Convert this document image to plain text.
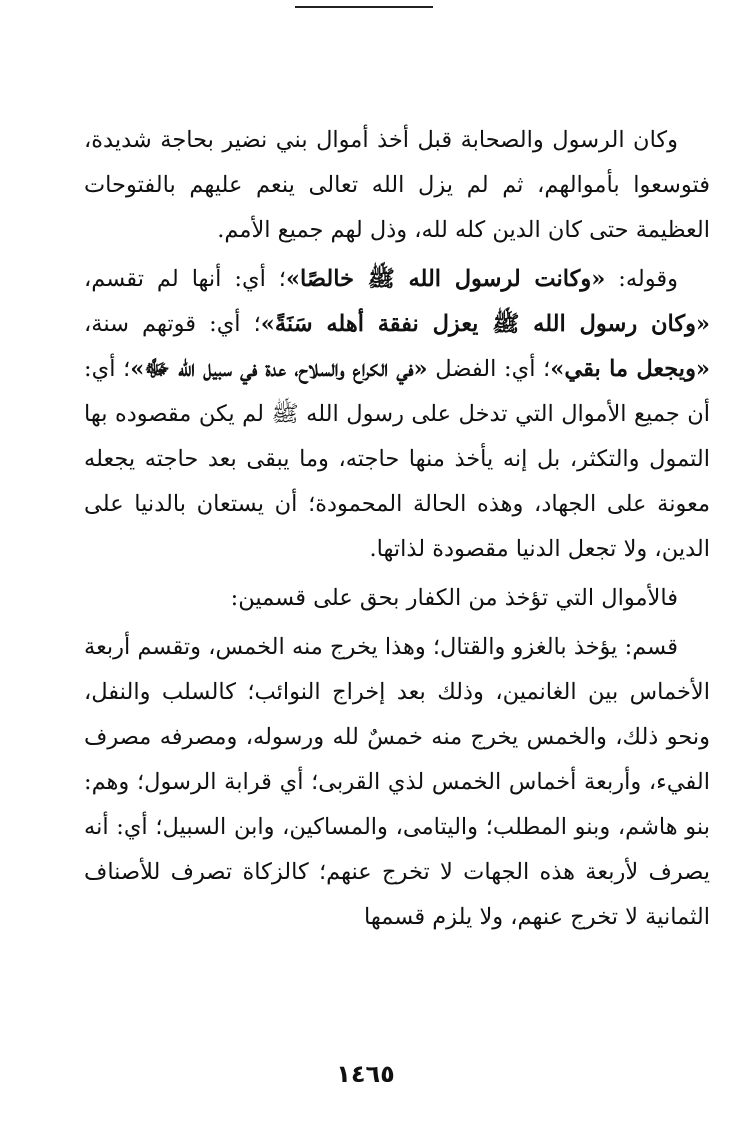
وكان الرسول والصحابة قبل أخذ أموال بني نضير بحاجة شديدة، فتوسعوا بأموالهم، ثم لم يزل الله تعالى ينعم عليهم بالفتوحات العظيمة حتى كان الدين كله لله، وذل لهم جميع الأمم.

وقوله: «وكانت لرسول الله ﷺ خالصًا»؛ أي: أنها لم تقسم، «وكان رسول الله ﷺ يعزل نفقة أهله سَنَةً»؛ أي: قوتهم سنة، «ويجعل ما بقي»؛ أي: الفضل «في الكراع والسلاح، عدة في سبيل الله ﷻ»؛ أي: أن جميع الأموال التي تدخل على رسول الله ﷺ لم يكن مقصوده بها التمول والتكثر، بل إنه يأخذ منها حاجته، وما يبقى بعد حاجته يجعله معونة على الجهاد، وهذه الحالة المحمودة؛ أن يستعان بالدنيا على الدين، ولا تجعل الدنيا مقصودة لذاتها.

فالأموال التي تؤخذ من الكفار بحق على قسمين:

قسم: يؤخذ بالغزو والقتال؛ وهذا يخرج منه الخمس، وتقسم أربعة الأخماس بين الغانمين، وذلك بعد إخراج النوائب؛ كالسلب والنفل، ونحو ذلك، والخمس يخرج منه خمسٌ لله ورسوله، ومصرفه مصرف الفيء، وأربعة أخماس الخمس لذي القربى؛ أي قرابة الرسول؛ وهم: بنو هاشم، وبنو المطلب؛ واليتامى، والمساكين، وابن السبيل؛ أي: أنه يصرف لأربعة هذه الجهات لا تخرج عنهم؛ كالزكاة تصرف للأصناف الثمانية لا تخرج عنهم، ولا يلزم قسمها

١٤٦٥
